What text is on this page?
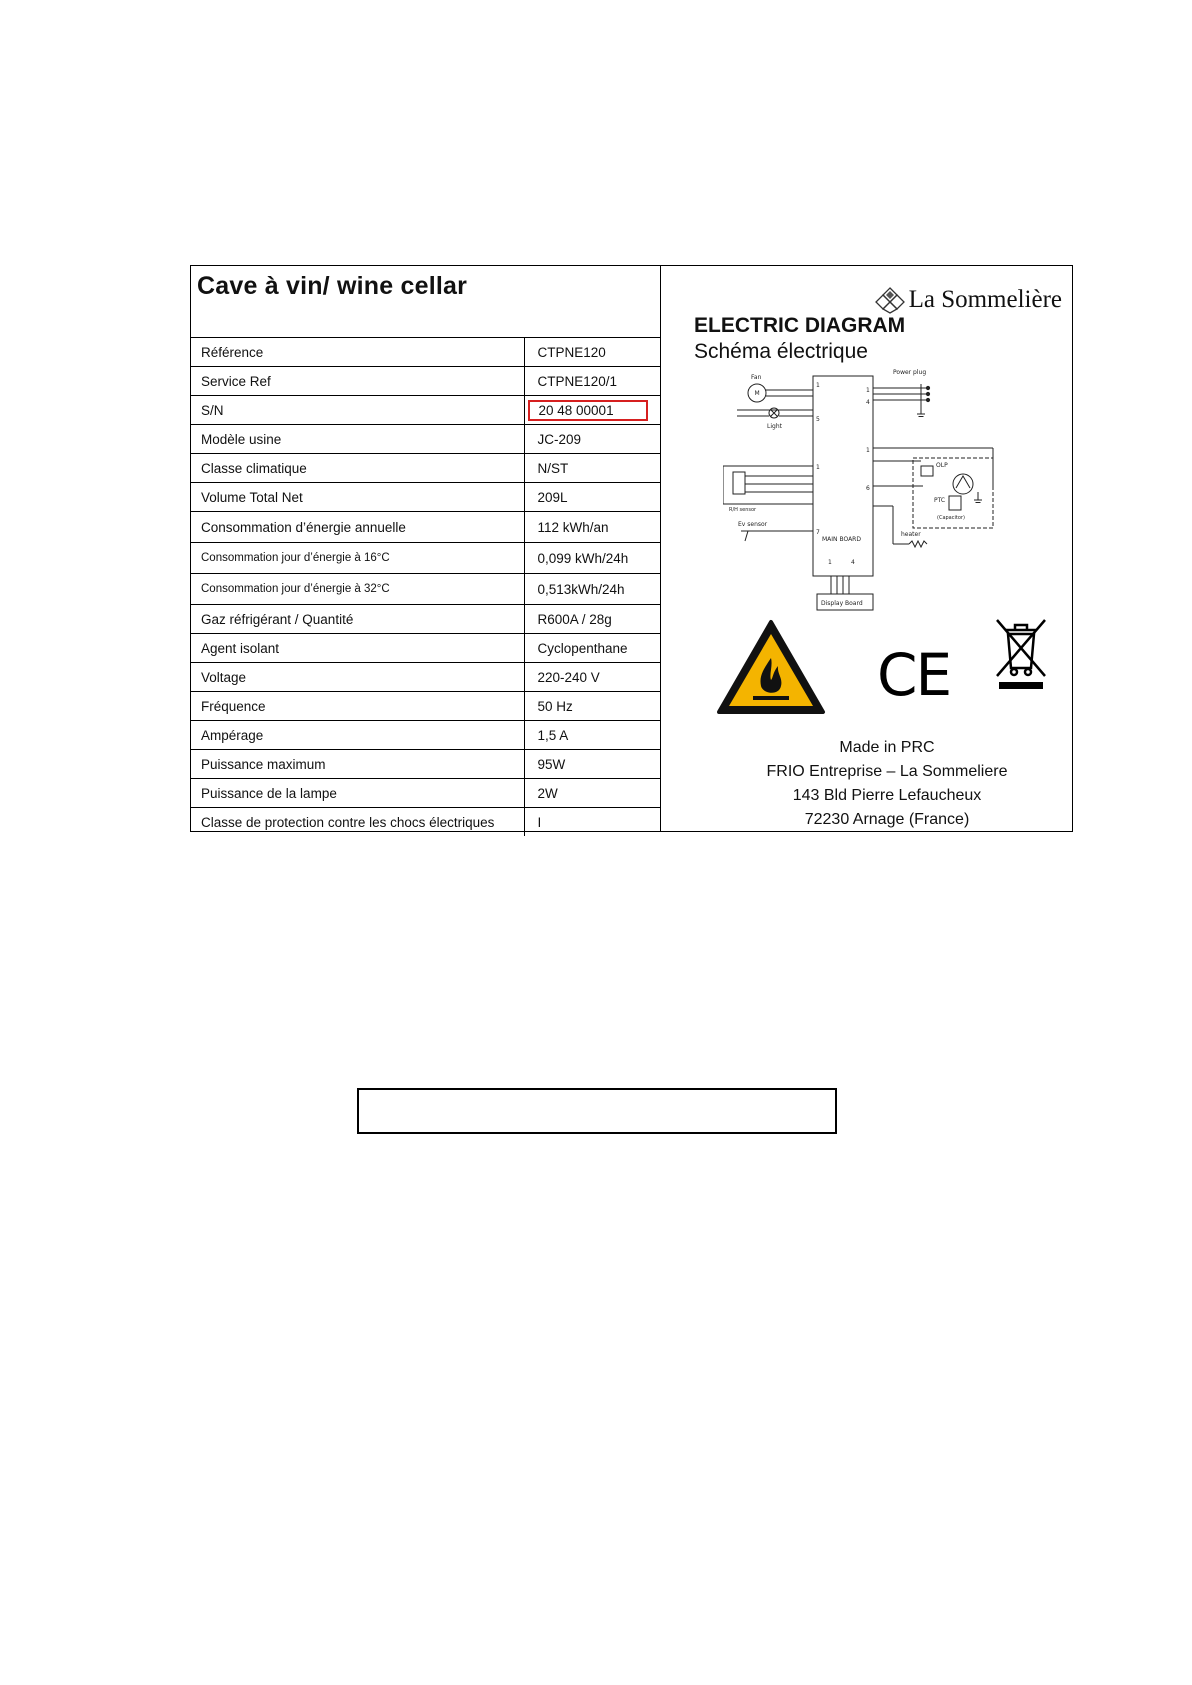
Cave à vin/ wine cellar
Référence	CTPNE120
Service Ref	CTPNE120/1
S/N	20 48 00001
Modèle usine	JC-209
Classe climatique	N/ST
Volume Total Net	209L
Consommation d’énergie annuelle	112 kWh/an
Consommation jour d’énergie à 16°C	0,099 kWh/24h
Consommation jour d’énergie à 32°C	0,513kWh/24h
Gaz réfrigérant / Quantité	R600A / 28g
Agent isolant	Cyclopenthane
Voltage	220-240 V
Fréquence	50 Hz
Ampérage	1,5 A
Puissance maximum	95W
Puissance de la lampe	2W
Classe de protection contre les chocs électriques	I
La Sommelière
ELECTRIC DIAGRAM
Schéma électrique
MAIN BOARD
Fan
M
1
Light
5
Power plug
1
4
1
6
OLP
PTC
(Capacitor)
heater
R/H sensor
1
Ev sensor
7
1	4
Display Board
CE
Made in PRC
FRIO Entreprise – La Sommeliere
143 Bld Pierre Lefaucheux
72230 Arnage (France)
